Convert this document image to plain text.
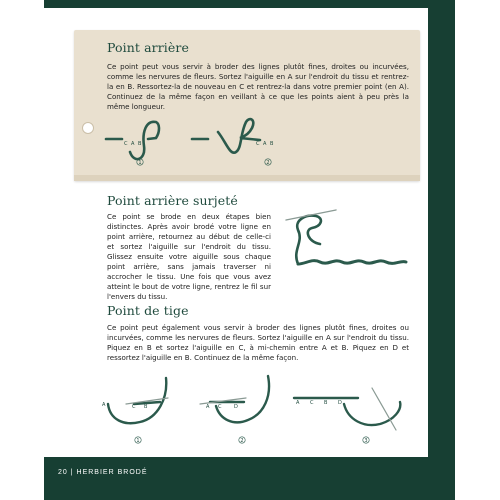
Point arrière
Ce point peut vous servir à broder des lignes plutôt fines, droites ou incurvées, comme les nervures de fleurs. Sortez l'aiguille en A sur l'endroit du tissu et rentrez-la en B. Ressortez-la de nouveau en C et rentrez-la dans votre premier point (en A). Continuez de la même façon en veillant à ce que les points aient à peu près la même longueur.
C A B	C A B
1	2
Point arrière surjeté
Ce point se brode en deux étapes bien distinctes. Après avoir brodé votre ligne en point arrière, retournez au début de celle-ci et sortez l'aiguille sur l'endroit du tissu. Glissez ensuite votre aiguille sous chaque point arrière, sans jamais traverser ni accrocher le tissu. Une fois que vous avez atteint le bout de votre ligne, rentrez le fil sur l'envers du tissu.
Point de tige
Ce point peut également vous servir à broder des lignes plutôt fines, droites ou incurvées, comme les nervures de fleurs. Sortez l'aiguille en A sur l'endroit du tissu. Piquez en B et sortez l'aiguille en C, à mi-chemin entre A et B. Piquez en D et ressortez l'aiguille en B. Continuez de la même façon.
A	C B	A C	D
A C B D
1	2	3
20 | HERBIER BRODÉ
